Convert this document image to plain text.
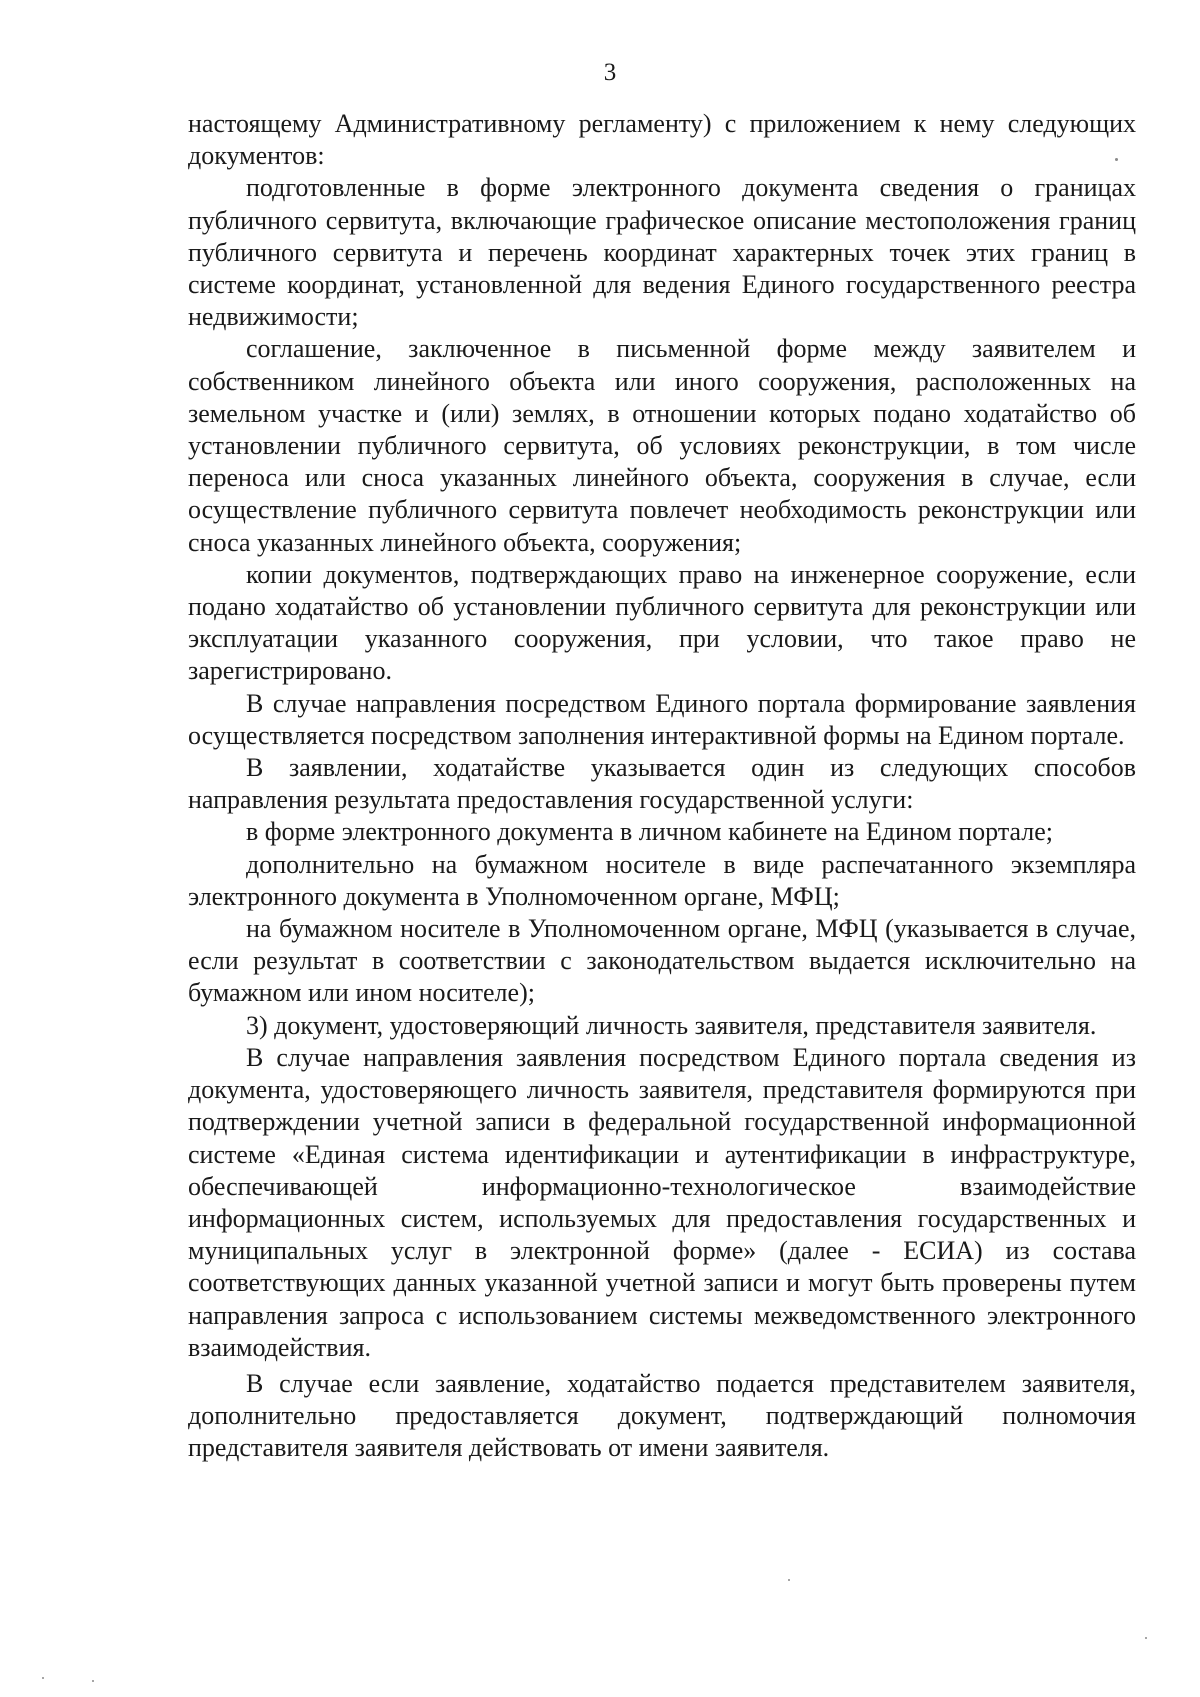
3

настоящему Административному регламенту) с приложением к нему следующих документов:

подготовленные в форме электронного документа сведения о границах публичного сервитута, включающие графическое описание местоположения границ публичного сервитута и перечень координат характерных точек этих границ в системе координат, установленной для ведения Единого государственного реестра недвижимости;

соглашение, заключенное в письменной форме между заявителем и собственником линейного объекта или иного сооружения, расположенных на земельном участке и (или) землях, в отношении которых подано ходатайство об установлении публичного сервитута, об условиях реконструкции, в том числе переноса или сноса указанных линейного объекта, сооружения в случае, если осуществление публичного сервитута повлечет необходимость реконструкции или сноса указанных линейного объекта, сооружения;

копии документов, подтверждающих право на инженерное сооружение, если подано ходатайство об установлении публичного сервитута для реконструкции или эксплуатации указанного сооружения, при условии, что такое право не зарегистрировано.

В случае направления посредством Единого портала формирование заявления осуществляется посредством заполнения интерактивной формы на Едином портале.

В заявлении, ходатайстве указывается один из следующих способов направления результата предоставления государственной услуги:

в форме электронного документа в личном кабинете на Едином портале;

дополнительно на бумажном носителе в виде распечатанного экземпляра электронного документа в Уполномоченном органе, МФЦ;

на бумажном носителе в Уполномоченном органе, МФЦ (указывается в случае, если результат в соответствии с законодательством выдается исключительно на бумажном или ином носителе);

3) документ, удостоверяющий личность заявителя, представителя заявителя.

В случае направления заявления посредством Единого портала сведения из документа, удостоверяющего личность заявителя, представителя формируются при подтверждении учетной записи в федеральной государственной информационной системе «Единая система идентификации и аутентификации в инфраструктуре, обеспечивающей информационно-технологическое взаимодействие информационных систем, используемых для предоставления государственных и муниципальных услуг в электронной форме» (далее - ЕСИА) из состава соответствующих данных указанной учетной записи и могут быть проверены путем направления запроса с использованием системы межведомственного электронного взаимодействия.

В случае если заявление, ходатайство подается представителем заявителя, дополнительно предоставляется документ, подтверждающий полномочия представителя заявителя действовать от имени заявителя.
